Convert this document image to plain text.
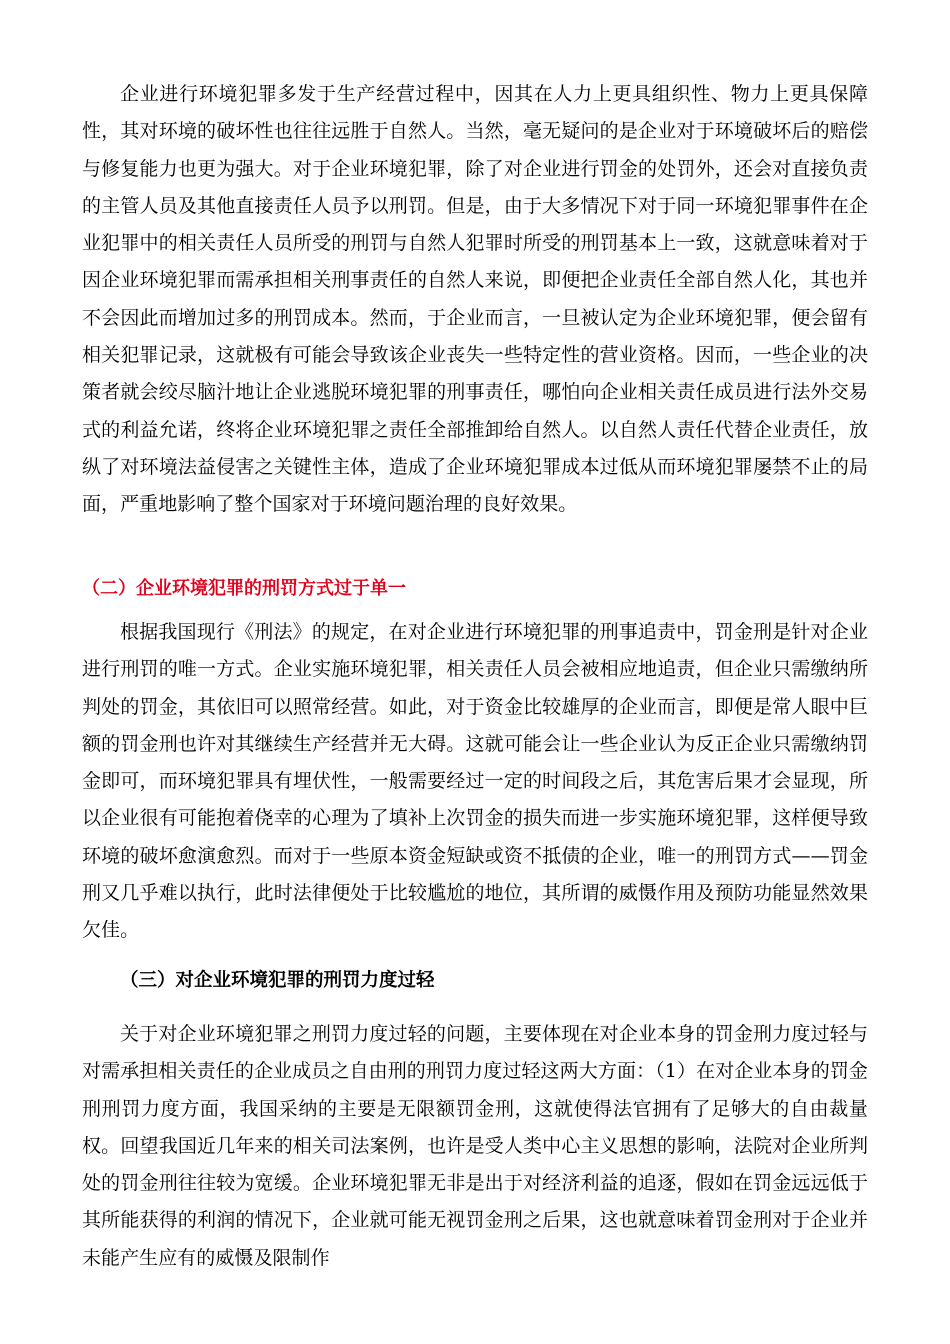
企业进行环境犯罪多发于生产经营过程中，因其在人力上更具组织性、物力上更具保障性，其对环境的破坏性也往往远胜于自然人。当然，毫无疑问的是企业对于环境破坏后的赔偿与修复能力也更为强大。对于企业环境犯罪，除了对企业进行罚金的处罚外，还会对直接负责的主管人员及其他直接责任人员予以刑罚。但是，由于大多情况下对于同一环境犯罪事件在企业犯罪中的相关责任人员所受的刑罚与自然人犯罪时所受的刑罚基本上一致，这就意味着对于因企业环境犯罪而需承担相关刑事责任的自然人来说，即便把企业责任全部自然人化，其也并不会因此而增加过多的刑罚成本。然而，于企业而言，一旦被认定为企业环境犯罪，便会留有相关犯罪记录，这就极有可能会导致该企业丧失一些特定性的营业资格。因而，一些企业的决策者就会绞尽脑汁地让企业逃脱环境犯罪的刑事责任，哪怕向企业相关责任成员进行法外交易式的利益允诺，终将企业环境犯罪之责任全部推卸给自然人。以自然人责任代替企业责任，放纵了对环境法益侵害之关键性主体，造成了企业环境犯罪成本过低从而环境犯罪屡禁不止的局面，严重地影响了整个国家对于环境问题治理的良好效果。

（二）企业环境犯罪的刑罚方式过于单一

根据我国现行《刑法》的规定，在对企业进行环境犯罪的刑事追责中，罚金刑是针对企业进行刑罚的唯一方式。企业实施环境犯罪，相关责任人员会被相应地追责，但企业只需缴纳所判处的罚金，其依旧可以照常经营。如此，对于资金比较雄厚的企业而言，即便是常人眼中巨额的罚金刑也许对其继续生产经营并无大碍。这就可能会让一些企业认为反正企业只需缴纳罚金即可，而环境犯罪具有埋伏性，一般需要经过一定的时间段之后，其危害后果才会显现，所以企业很有可能抱着侥幸的心理为了填补上次罚金的损失而进一步实施环境犯罪，这样便导致环境的破坏愈演愈烈。而对于一些原本资金短缺或资不抵债的企业，唯一的刑罚方式——罚金刑又几乎难以执行，此时法律便处于比较尴尬的地位，其所谓的威慑作用及预防功能显然效果欠佳。

（三）对企业环境犯罪的刑罚力度过轻

关于对企业环境犯罪之刑罚力度过轻的问题，主要体现在对企业本身的罚金刑力度过轻与对需承担相关责任的企业成员之自由刑的刑罚力度过轻这两大方面：（1）在对企业本身的罚金刑刑罚力度方面，我国采纳的主要是无限额罚金刑，这就使得法官拥有了足够大的自由裁量权。回望我国近几年来的相关司法案例，也许是受人类中心主义思想的影响，法院对企业所判处的罚金刑往往较为宽缓。企业环境犯罪无非是出于对经济利益的追逐，假如在罚金远远低于其所能获得的利润的情况下，企业就可能无视罚金刑之后果，这也就意味着罚金刑对于企业并未能产生应有的威慑及限制作
